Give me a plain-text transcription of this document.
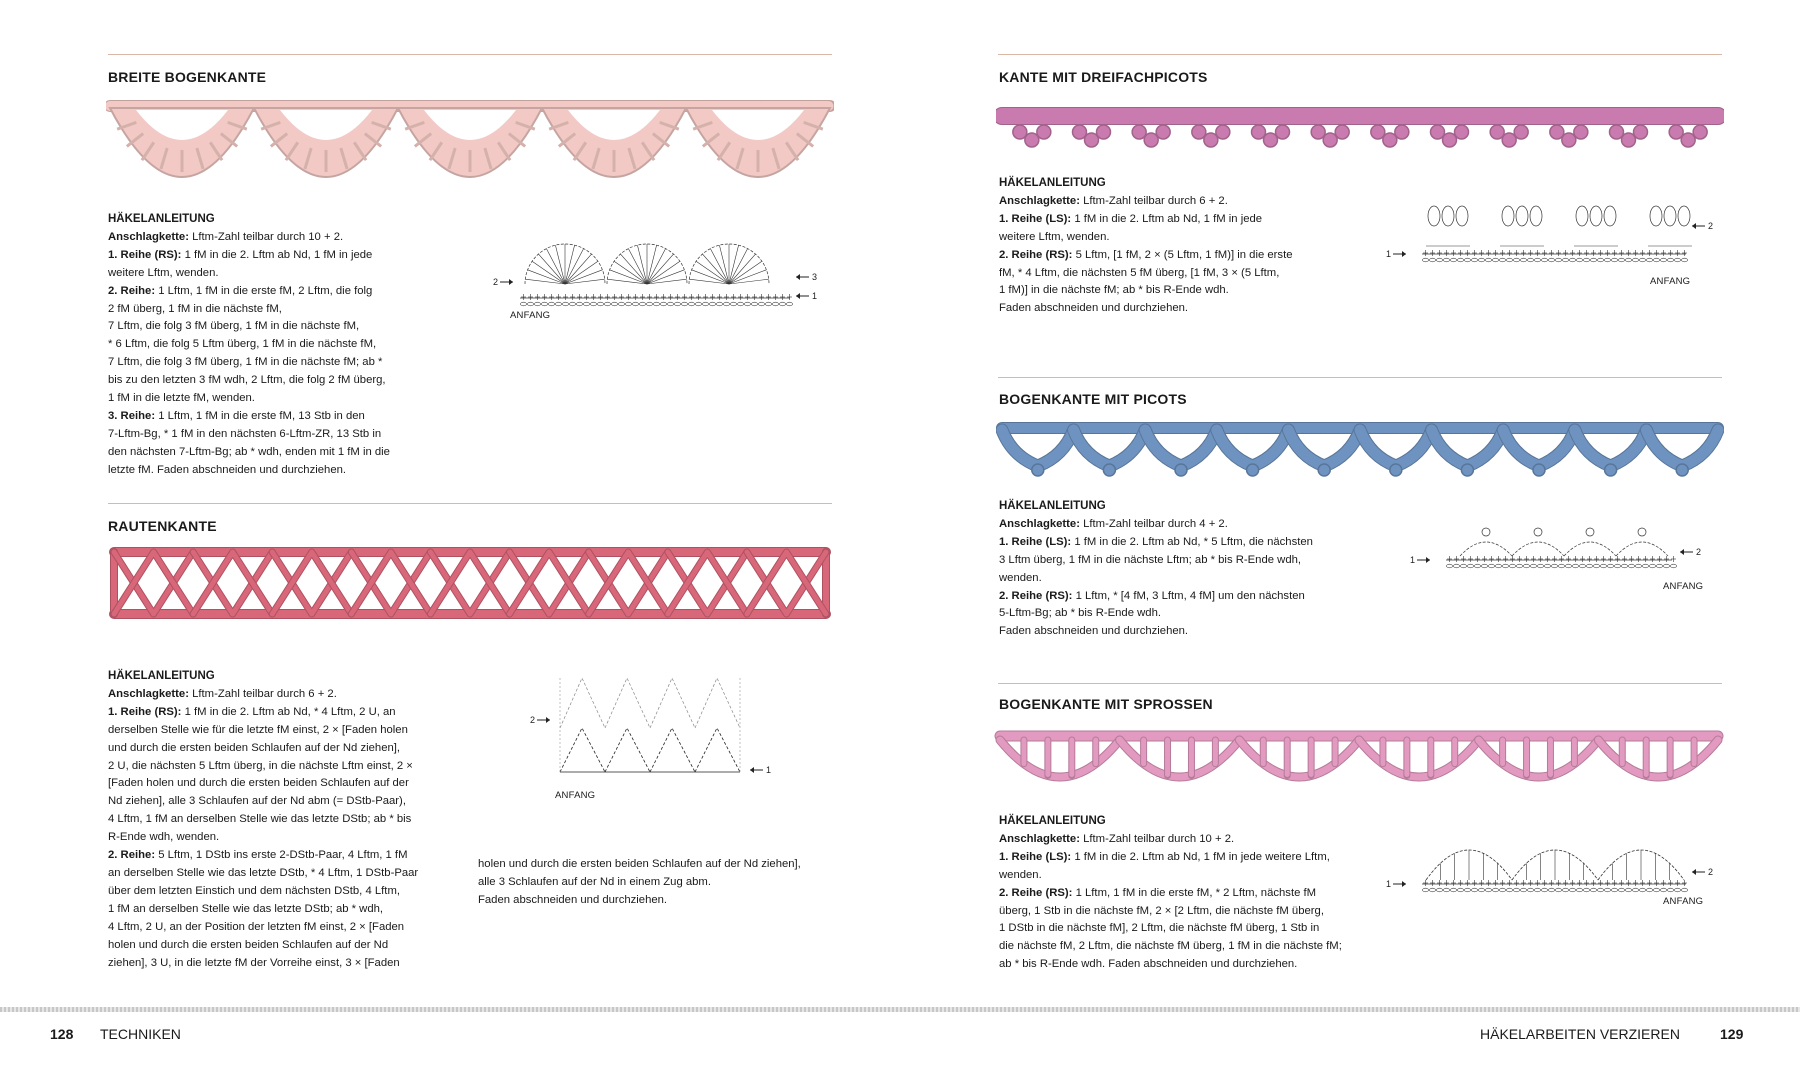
BREITE BOGENKANTE
HÄKELANLEITUNG
Anschlagkette: Lftm-Zahl teilbar durch 10 + 2.
1. Reihe (RS): 1 fM in die 2. Lftm ab Nd, 1 fM in jede
weitere Lftm, wenden.
2. Reihe: 1 Lftm, 1 fM in die erste fM, 2 Lftm, die folg
2 fM überg, 1 fM in die nächste fM,
7 Lftm, die folg 3 fM überg, 1 fM in die nächste fM,
* 6 Lftm, die folg 5 Lftm überg, 1 fM in die nächste fM,
7 Lftm, die folg 3 fM überg, 1 fM in die nächste fM; ab *
bis zu den letzten 3 fM wdh, 2 Lftm, die folg 2 fM überg,
1 fM in die letzte fM, wenden.
3. Reihe: 1 Lftm, 1 fM in die erste fM, 13 Stb in den
7-Lftm-Bg, * 1 fM in den nächsten 6-Lftm-ZR, 13 Stb in
den nächsten 7-Lftm-Bg; ab * wdh, enden mit 1 fM in die
letzte fM. Faden abschneiden und durchziehen.
2	3
1
ANFANG
RAUTENKANTE
HÄKELANLEITUNG
Anschlagkette: Lftm-Zahl teilbar durch 6 + 2.
1. Reihe (RS): 1 fM in die 2. Lftm ab Nd, * 4 Lftm, 2 U, an
derselben Stelle wie für die letzte fM einst, 2 × [Faden holen
und durch die ersten beiden Schlaufen auf der Nd ziehen],
2 U, die nächsten 5 Lftm überg, in die nächste Lftm einst, 2 ×
[Faden holen und durch die ersten beiden Schlaufen auf der
Nd ziehen], alle 3 Schlaufen auf der Nd abm (= DStb-Paar),
4 Lftm, 1 fM an derselben Stelle wie das letzte DStb; ab * bis
R-Ende wdh, wenden.
2. Reihe: 5 Lftm, 1 DStb ins erste 2-DStb-Paar, 4 Lftm, 1 fM
an derselben Stelle wie das letzte DStb, * 4 Lftm, 1 DStb-Paar
über dem letzten Einstich und dem nächsten DStb, 4 Lftm,
1 fM an derselben Stelle wie das letzte DStb; ab * wdh,
4 Lftm, 2 U, an der Position der letzten fM einst, 2 × [Faden
holen und durch die ersten beiden Schlaufen auf der Nd
ziehen], 3 U, in die letzte fM der Vorreihe einst, 3 × [Faden
holen und durch die ersten beiden Schlaufen auf der Nd ziehen],
alle 3 Schlaufen auf der Nd in einem Zug abm.
Faden abschneiden und durchziehen.
2
1
ANFANG
KANTE MIT DREIFACHPICOTS
HÄKELANLEITUNG
Anschlagkette: Lftm-Zahl teilbar durch 6 + 2.
1. Reihe (LS): 1 fM in die 2. Lftm ab Nd, 1 fM in jede
weitere Lftm, wenden.
2. Reihe (RS): 5 Lftm, [1 fM, 2 × (5 Lftm, 1 fM)] in die erste
fM, * 4 Lftm, die nächsten 5 fM überg, [1 fM, 3 × (5 Lftm,
1 fM)] in die nächste fM; ab * bis R-Ende wdh.
Faden abschneiden und durchziehen.
2
1
ANFANG
BOGENKANTE MIT PICOTS
HÄKELANLEITUNG
Anschlagkette: Lftm-Zahl teilbar durch 4 + 2.
1. Reihe (LS): 1 fM in die 2. Lftm ab Nd, * 5 Lftm, die nächsten
3 Lftm überg, 1 fM in die nächste Lftm; ab * bis R-Ende wdh,
wenden.
2. Reihe (RS): 1 Lftm, * [4 fM, 3 Lftm, 4 fM] um den nächsten
5-Lftm-Bg; ab * bis R-Ende wdh.
Faden abschneiden und durchziehen.
1
2
ANFANG
BOGENKANTE MIT SPROSSEN
HÄKELANLEITUNG
Anschlagkette: Lftm-Zahl teilbar durch 10 + 2.
1. Reihe (LS): 1 fM in die 2. Lftm ab Nd, 1 fM in jede weitere Lftm,
wenden.
2. Reihe (RS): 1 Lftm, 1 fM in die erste fM, * 2 Lftm, nächste fM
überg, 1 Stb in die nächste fM, 2 × [2 Lftm, die nächste fM überg,
1 DStb in die nächste fM], 2 Lftm, die nächste fM überg, 1 Stb in
die nächste fM, 2 Lftm, die nächste fM überg, 1 fM in die nächste fM;
ab * bis R-Ende wdh. Faden abschneiden und durchziehen.
1
2
ANFANG
128 TECHNIKEN	HÄKELARBEITEN VERZIEREN	129
